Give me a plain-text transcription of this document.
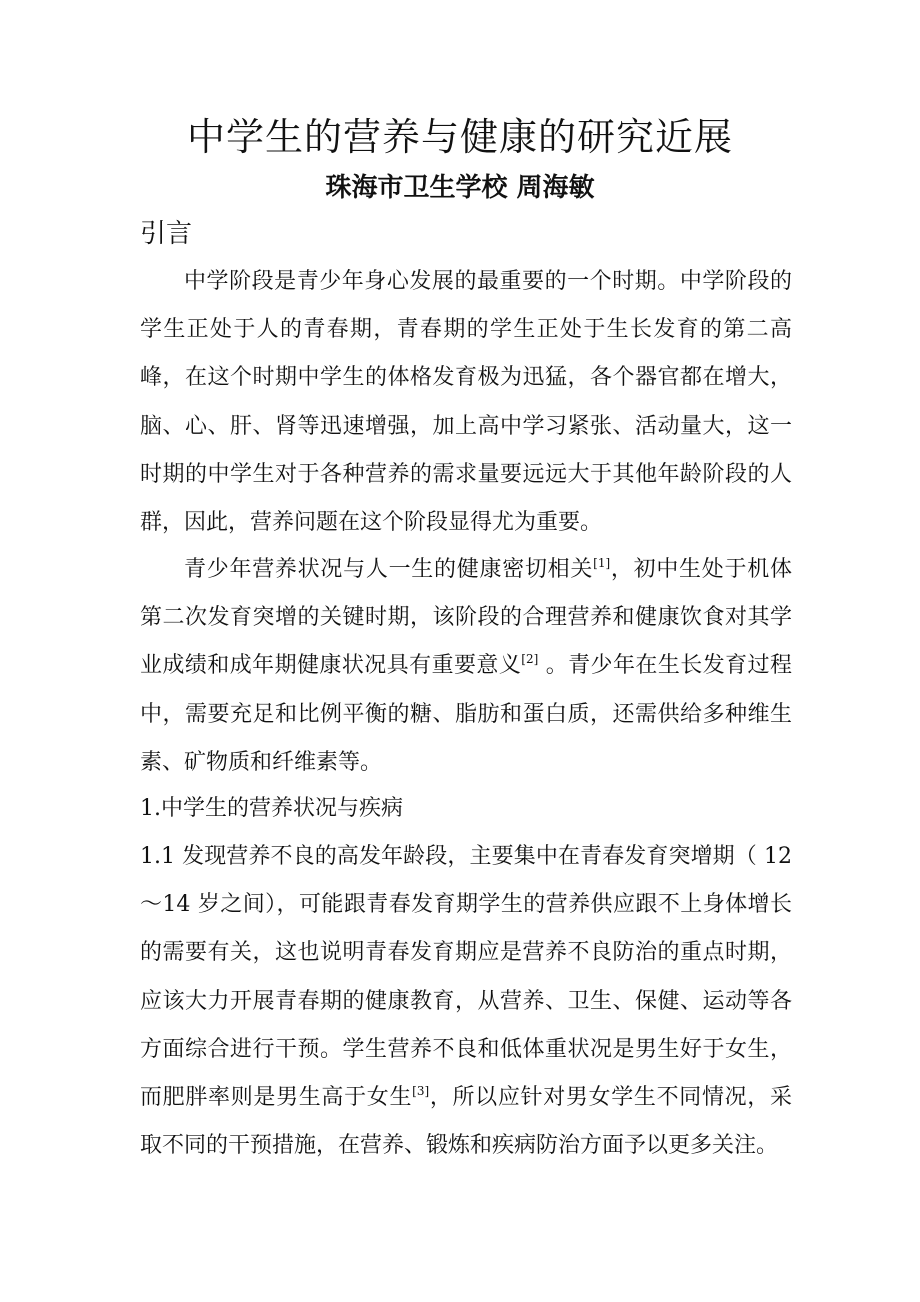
中学生的营养与健康的研究近展

珠海市卫生学校 周海敏

引言

中学阶段是青少年身心发展的最重要的一个时期。中学阶段的学生正处于人的青春期，青春期的学生正处于生长发育的第二高峰，在这个时期中学生的体格发育极为迅猛，各个器官都在增大，脑、心、肝、肾等迅速增强，加上高中学习紧张、活动量大，这一时期的中学生对于各种营养的需求量要远远大于其他年龄阶段的人群，因此，营养问题在这个阶段显得尤为重要。

青少年营养状况与人一生的健康密切相关[1]，初中生处于机体第二次发育突增的关键时期，该阶段的合理营养和健康饮食对其学业成绩和成年期健康状况具有重要意义[2] 。青少年在生长发育过程中，需要充足和比例平衡的糖、脂肪和蛋白质，还需供给多种维生素、矿物质和纤维素等。

1.中学生的营养状况与疾病

1.1 发现营养不良的高发年龄段，主要集中在青春发育突增期（ 12～14 岁之间），可能跟青春发育期学生的营养供应跟不上身体增长的需要有关，这也说明青春发育期应是营养不良防治的重点时期，应该大力开展青春期的健康教育，从营养、卫生、保健、运动等各方面综合进行干预。学生营养不良和低体重状况是男生好于女生，而肥胖率则是男生高于女生[3]，所以应针对男女学生不同情况，采取不同的干预措施，在营养、锻炼和疾病防治方面予以更多关注。
